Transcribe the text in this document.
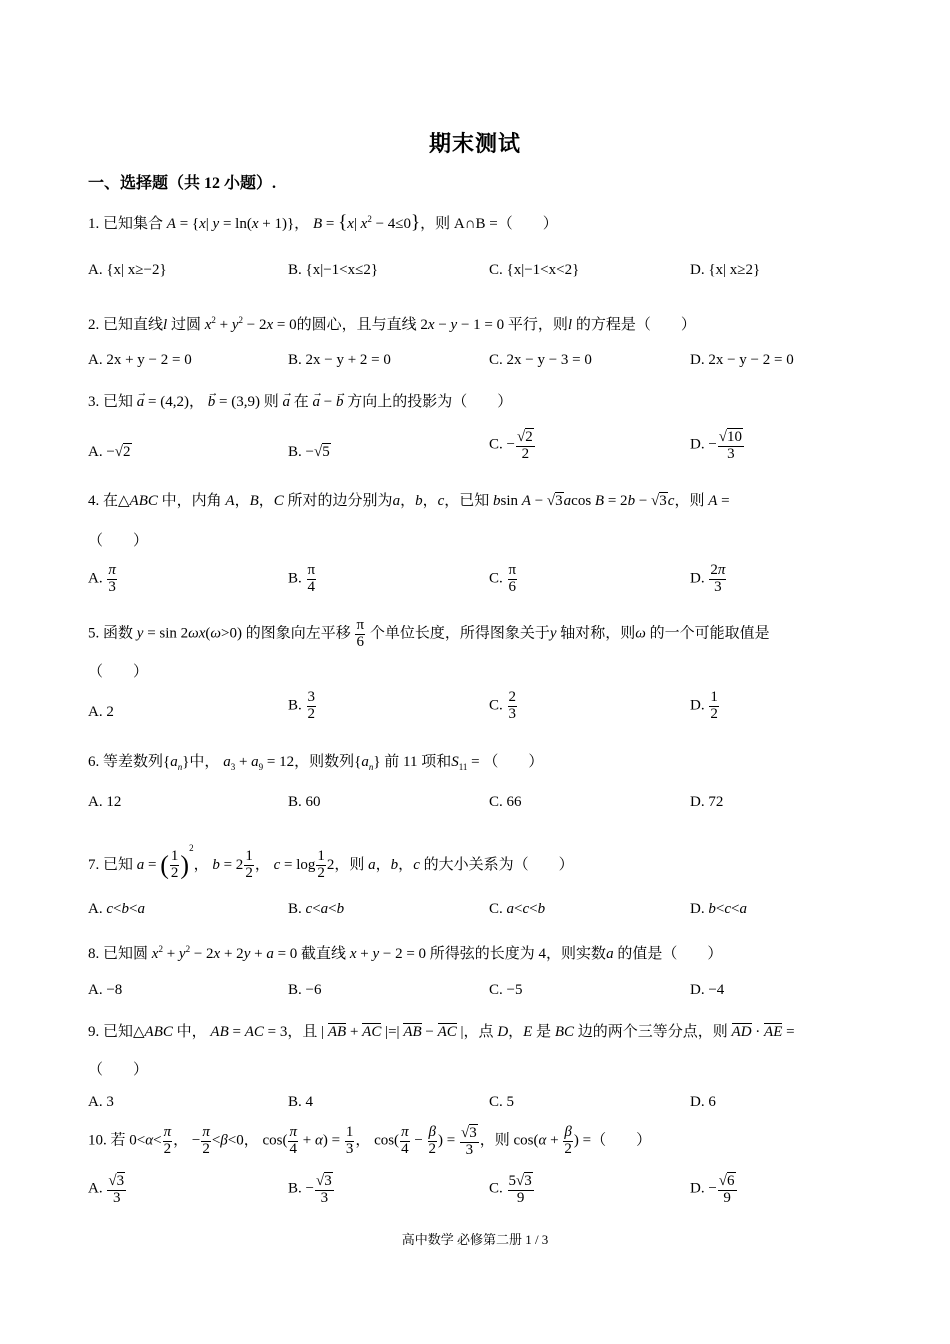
期末测试
一、选择题（共 12 小题）.
1. 已知集合 A = {x| y = ln(x + 1)}， B = {x| $x^2 - 4\le 0$}，则 A∩B =（　　）
A. {x| x≥−2}	B. {x|−1<x≤2}	C. {x|−1<x<2}	D. {x| x≥2}
2. 已知直线l 过圆 $x^2 + y^2 - 2x = 0$的圆心，且与直线 2x − y − 1 = 0 平行，则l 的方程是（　　）
A. 2x + y − 2 = 0	B. 2x − y + 2 = 0	C. 2x − y − 3 = 0	D. 2x − y − 2 = 0
3. 已知 → a = (4,2)， → b = (3,9) 则 → a 在 → a − → b 方向上的投影为（　　）
A. −√2	B. −√5	C. − $\frac{√2}{2}$	D. − $\frac{√10}{3}$
4. 在△ABC 中，内角 A，B，C 所对的边分别为a，b，c，已知 bsin A − √3acos B = 2b − √3c，则 A =
（　　）
A. $\frac{\pi}{3}$	B. $\frac{\pi}{4}$	C. $\frac{\pi}{6}$	D. $\frac{2\pi}{3}$
5. 函数 y = sin 2ωx(ω>0) 的图象向左平移 $\frac{\pi}{6}$ 个单位长度，所得图象关于y 轴对称，则ω 的一个可能取值是
（　　）
A. 2	B. $\frac{3}{2}$	C. $\frac{2}{3}$	D. $\frac{1}{2}$
6. 等差数列$\{a_n\}$中， $a_3 + a_9 = 12$，则数列$\{a_n\}$ 前 11 项和$S_{11}$ = （　　）
A. 12	B. 60	C. 66	D. 72
7. 已知 a = ( $\frac{1}{2} )^2$， $b = 2 \frac{1}{2}$ ， $c = \log \frac{1}{2} 2$，则 a，b，c 的大小关系为（　　）
A. c<b<a	B. c<a<b	C. a<c<b	D. b<c<a
8. 已知圆 $x^2 + y^2 - 2x + 2y + a = 0$ 截直线 x + y − 2 = 0 所得弦的长度为 4，则实数a 的值是（　　）
A. −8	B. −6	C. −5	D. −4
9. 已知△ABC 中， AB = AC = 3，且 | AB + AC |=| AB − AC |，点 D，E 是 BC 边的两个三等分点，则 AD · AE =
（　　）
A. 3	B. 4	C. 5	D. 6
10. 若 $0<\alpha< \frac{\pi}{2}$ ， − $\frac{\pi}{2} <\beta<0$， $\cos( \frac{\pi}{4} + \alpha) = \frac{1}{3}$ ， $\cos( \frac{\pi}{4} - \frac{\beta}{2}$ ) = $\frac{√3}{3}$ ，则 $\cos(\alpha + \frac{\beta}{2}$ ) =（　　）
A. $\frac{√3}{3}$	B. − $\frac{√3}{3}$	C. $\frac{5√3}{9}$	D. − $\frac{√6}{9}$
高中数学 必修第二册 1 / 3
